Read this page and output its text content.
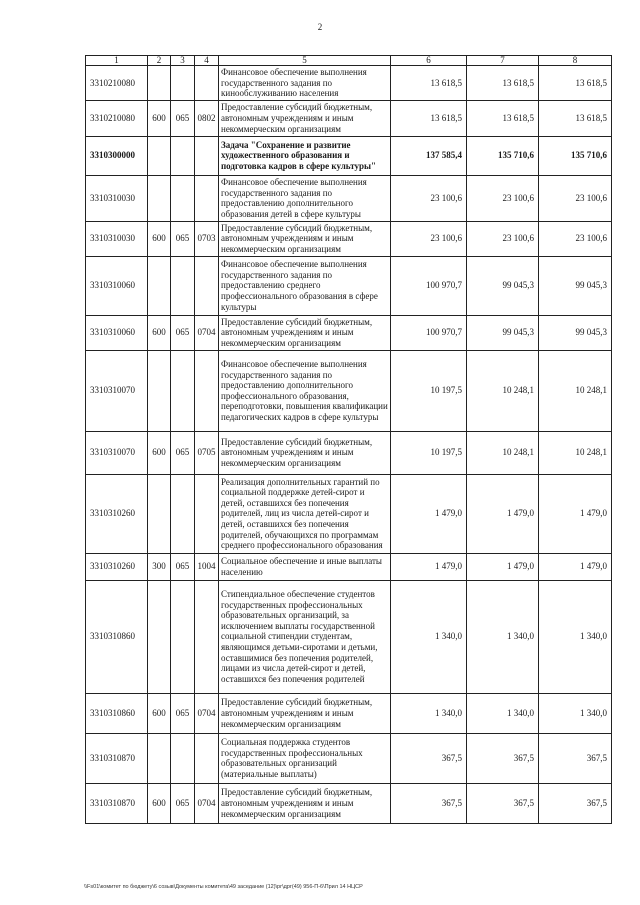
2
1	2	3	4	5	6	7	8
3310210080				Финансовое обеспечение выполнения государственного задания по кинообслуживанию населения	13 618,5	13 618,5	13 618,5
3310210080	600	065	0802	Предоставление субсидий бюджетным, автономным учреждениям и иным некоммерческим организациям	13 618,5	13 618,5	13 618,5
3310300000				Задача "Сохранение и развитие художественного образования и подготовка кадров в сфере культуры"	137 585,4	135 710,6	135 710,6
3310310030				Финансовое обеспечение выполнения государственного задания по предоставлению дополнительного образования детей в сфере культуры	23 100,6	23 100,6	23 100,6
3310310030	600	065	0703	Предоставление субсидий бюджетным, автономным учреждениям и иным некоммерческим организациям	23 100,6	23 100,6	23 100,6
3310310060				Финансовое обеспечение выполнения государственного задания по предоставлению среднего профессионального образования в сфере культуры	100 970,7	99 045,3	99 045,3
3310310060	600	065	0704	Предоставление субсидий бюджетным, автономным учреждениям и иным некоммерческим организациям	100 970,7	99 045,3	99 045,3
3310310070				Финансовое обеспечение выполнения государственного задания по предоставлению дополнительного профессионального образования, переподготовки, повышения квалификации педагогических кадров в сфере культуры	10 197,5	10 248,1	10 248,1
3310310070	600	065	0705	Предоставление субсидий бюджетным, автономным учреждениям и иным некоммерческим организациям	10 197,5	10 248,1	10 248,1
3310310260				Реализация дополнительных гарантий по социальной поддержке детей-сирот и детей, оставшихся без попечения родителей, лиц из числа детей-сирот и детей, оставшихся без попечения родителей, обучающихся по программам среднего профессионального образования	1 479,0	1 479,0	1 479,0
3310310260	300	065	1004	Социальное обеспечение и иные выплаты населению	1 479,0	1 479,0	1 479,0
3310310860				Стипендиальное обеспечение студентов государственных профессиональных образовательных организаций, за исключением выплаты государственной социальной стипендии студентам, являющимся детьми-сиротами и детьми, оставшимися без попечения родителей, лицами из числа детей-сирот и детей, оставшихся без попечения родителей	1 340,0	1 340,0	1 340,0
3310310860	600	065	0704	Предоставление субсидий бюджетным, автономным учреждениям и иным некоммерческим организациям	1 340,0	1 340,0	1 340,0
3310310870				Социальная поддержка студентов государственных профессиональных образовательных организаций (материальные выплаты)	367,5	367,5	367,5
3310310870	600	065	0704	Предоставление субсидий бюджетным, автономным учреждениям и иным некоммерческим организациям	367,5	367,5	367,5
\\Fs01\комитет по бюджету\6 созыв\Документы комитета\49 заседание (12)\рг\дрг(49) 956-П-6\Прил 14 НЦСР
